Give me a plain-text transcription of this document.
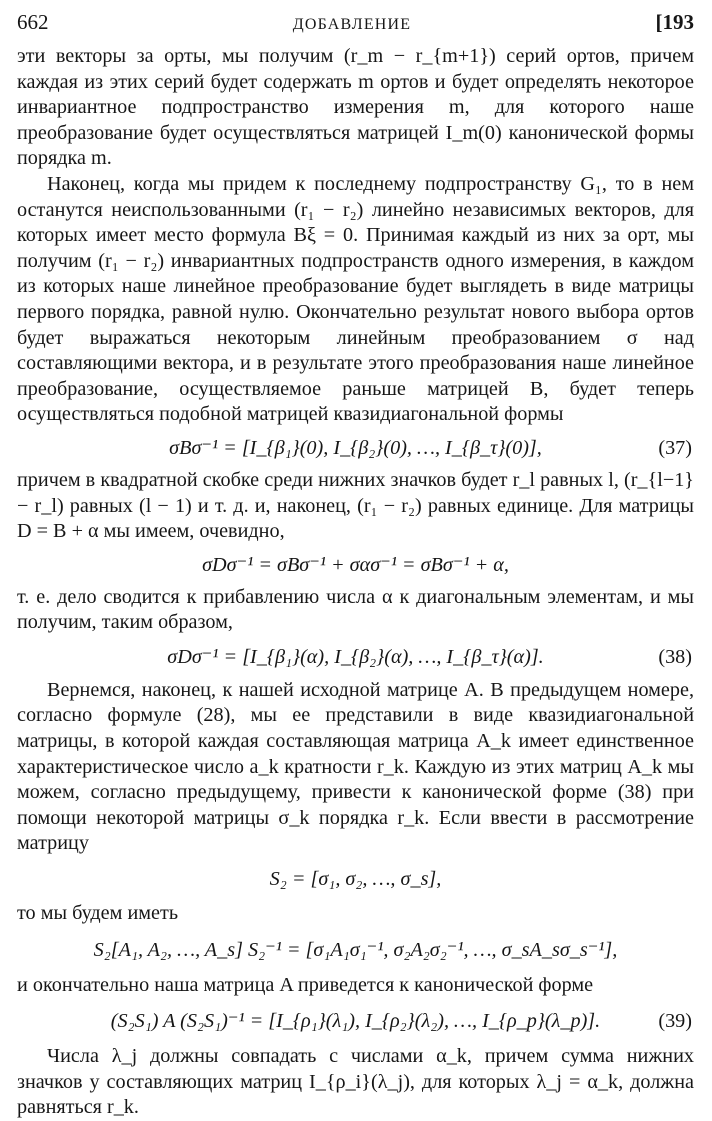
662	ДОБАВЛЕНИЕ	[193

эти векторы за орты, мы получим (r_m − r_{m+1}) серий ортов, причем каждая из этих серий будет содержать m ортов и будет определять некоторое инвариантное подпространство измерения m, для которого наше преобразование будет осуществляться матрицей I_m(0) канонической формы порядка m.

Наконец, когда мы придем к последнему подпространству G₁, то в нем останутся неиспользованными (r₁ − r₂) линейно независимых векторов, для которых имеет место формула Bξ = 0. Принимая каждый из них за орт, мы получим (r₁ − r₂) инвариантных подпространств одного измерения, в каждом из которых наше линейное преобразование будет выглядеть в виде матрицы первого порядка, равной нулю. Окончательно результат нового выбора ортов будет выражаться некоторым линейным преобразованием σ над составляющими вектора, и в результате этого преобразования наше линейное преобразование, осуществляемое раньше матрицей B, будет теперь осуществляться подобной матрицей квазидиагональной формы

σBσ⁻¹ = [I_{β₁}(0), I_{β₂}(0), …, I_{β_τ}(0)],	(37)

причем в квадратной скобке среди нижних значков будет r_l равных l, (r_{l−1} − r_l) равных (l − 1) и т. д. и, наконец, (r₁ − r₂) равных единице. Для матрицы D = B + α мы имеем, очевидно,

σDσ⁻¹ = σBσ⁻¹ + σασ⁻¹ = σBσ⁻¹ + α,

т. е. дело сводится к прибавлению числа α к диагональным элементам, и мы получим, таким образом,

σDσ⁻¹ = [I_{β₁}(α), I_{β₂}(α), …, I_{β_τ}(α)].	(38)

Вернемся, наконец, к нашей исходной матрице A. В предыдущем номере, согласно формуле (28), мы ее представили в виде квазидиагональной матрицы, в которой каждая составляющая матрица A_k имеет единственное характеристическое число a_k кратности r_k. Каждую из этих матриц A_k мы можем, согласно предыдущему, привести к канонической форме (38) при помощи некоторой матрицы σ_k порядка r_k. Если ввести в рассмотрение матрицу

S₂ = [σ₁, σ₂, …, σ_s],

то мы будем иметь

S₂[A₁, A₂, …, A_s] S₂⁻¹ = [σ₁A₁σ₁⁻¹, σ₂A₂σ₂⁻¹, …, σ_sA_sσ_s⁻¹],

и окончательно наша матрица A приведется к канонической форме

(S₂S₁) A (S₂S₁)⁻¹ = [I_{ρ₁}(λ₁), I_{ρ₂}(λ₂), …, I_{ρ_p}(λ_p)].	(39)

Числа λ_j должны совпадать с числами α_k, причем сумма нижних значков у составляющих матриц I_{ρ_i}(λ_j), для которых λ_j = α_k, должна равняться r_k.
